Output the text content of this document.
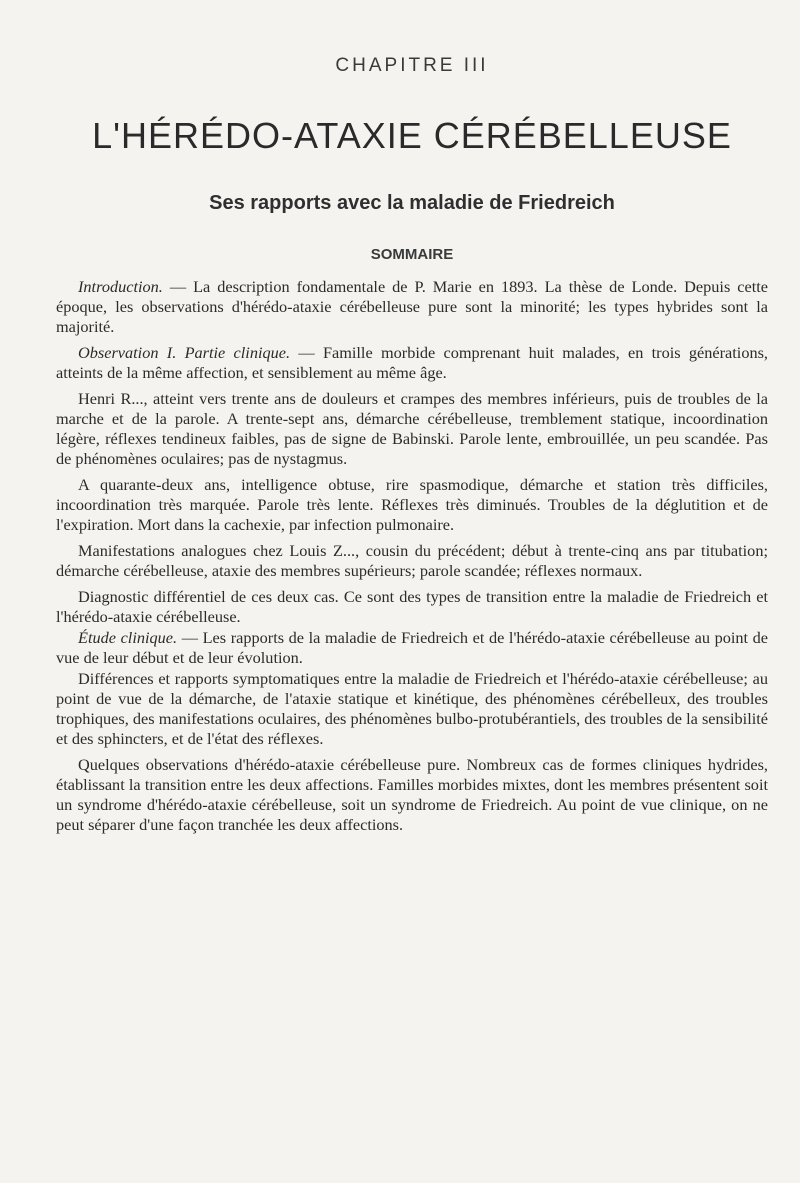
CHAPITRE III
L'HÉRÉDO-ATAXIE CÉRÉBELLEUSE
Ses rapports avec la maladie de Friedreich
SOMMAIRE

Introduction. — La description fondamentale de P. Marie en 1893. La thèse de Londe. Depuis cette époque, les observations d'hérédo-ataxie cérébelleuse pure sont la minorité; les types hybrides sont la majorité.

Observation I. Partie clinique. — Famille morbide comprenant huit malades, en trois générations, atteints de la même affection, et sensiblement au même âge.

Henri R..., atteint vers trente ans de douleurs et crampes des membres inférieurs, puis de troubles de la marche et de la parole. A trente-sept ans, démarche cérébelleuse, tremblement statique, incoordination légère, réflexes tendineux faibles, pas de signe de Babinski. Parole lente, embrouillée, un peu scandée. Pas de phénomènes oculaires; pas de nystagmus.

A quarante-deux ans, intelligence obtuse, rire spasmodique, démarche et station très difficiles, incoordination très marquée. Parole très lente. Réflexes très diminués. Troubles de la déglutition et de l'expiration. Mort dans la cachexie, par infection pulmonaire.

Manifestations analogues chez Louis Z..., cousin du précédent; début à trente-cinq ans par titubation; démarche cérébelleuse, ataxie des membres supérieurs; parole scandée; réflexes normaux.

Diagnostic différentiel de ces deux cas. Ce sont des types de transition entre la maladie de Friedreich et l'hérédo-ataxie cérébelleuse.

Étude clinique. — Les rapports de la maladie de Friedreich et de l'hérédo-ataxie cérébelleuse au point de vue de leur début et de leur évolution.

Différences et rapports symptomatiques entre la maladie de Friedreich et l'hérédo-ataxie cérébelleuse; au point de vue de la démarche, de l'ataxie statique et kinétique, des phénomènes cérébelleux, des troubles trophiques, des manifestations oculaires, des phénomènes bulbo-protubérantiels, des troubles de la sensibilité et des sphincters, et de l'état des réflexes.

Quelques observations d'hérédo-ataxie cérébelleuse pure. Nombreux cas de formes cliniques hydrides, établissant la transition entre les deux affections. Familles morbides mixtes, dont les membres présentent soit un syndrome d'hérédo-ataxie cérébelleuse, soit un syndrome de Friedreich. Au point de vue clinique, on ne peut séparer d'une façon tranchée les deux affections.
